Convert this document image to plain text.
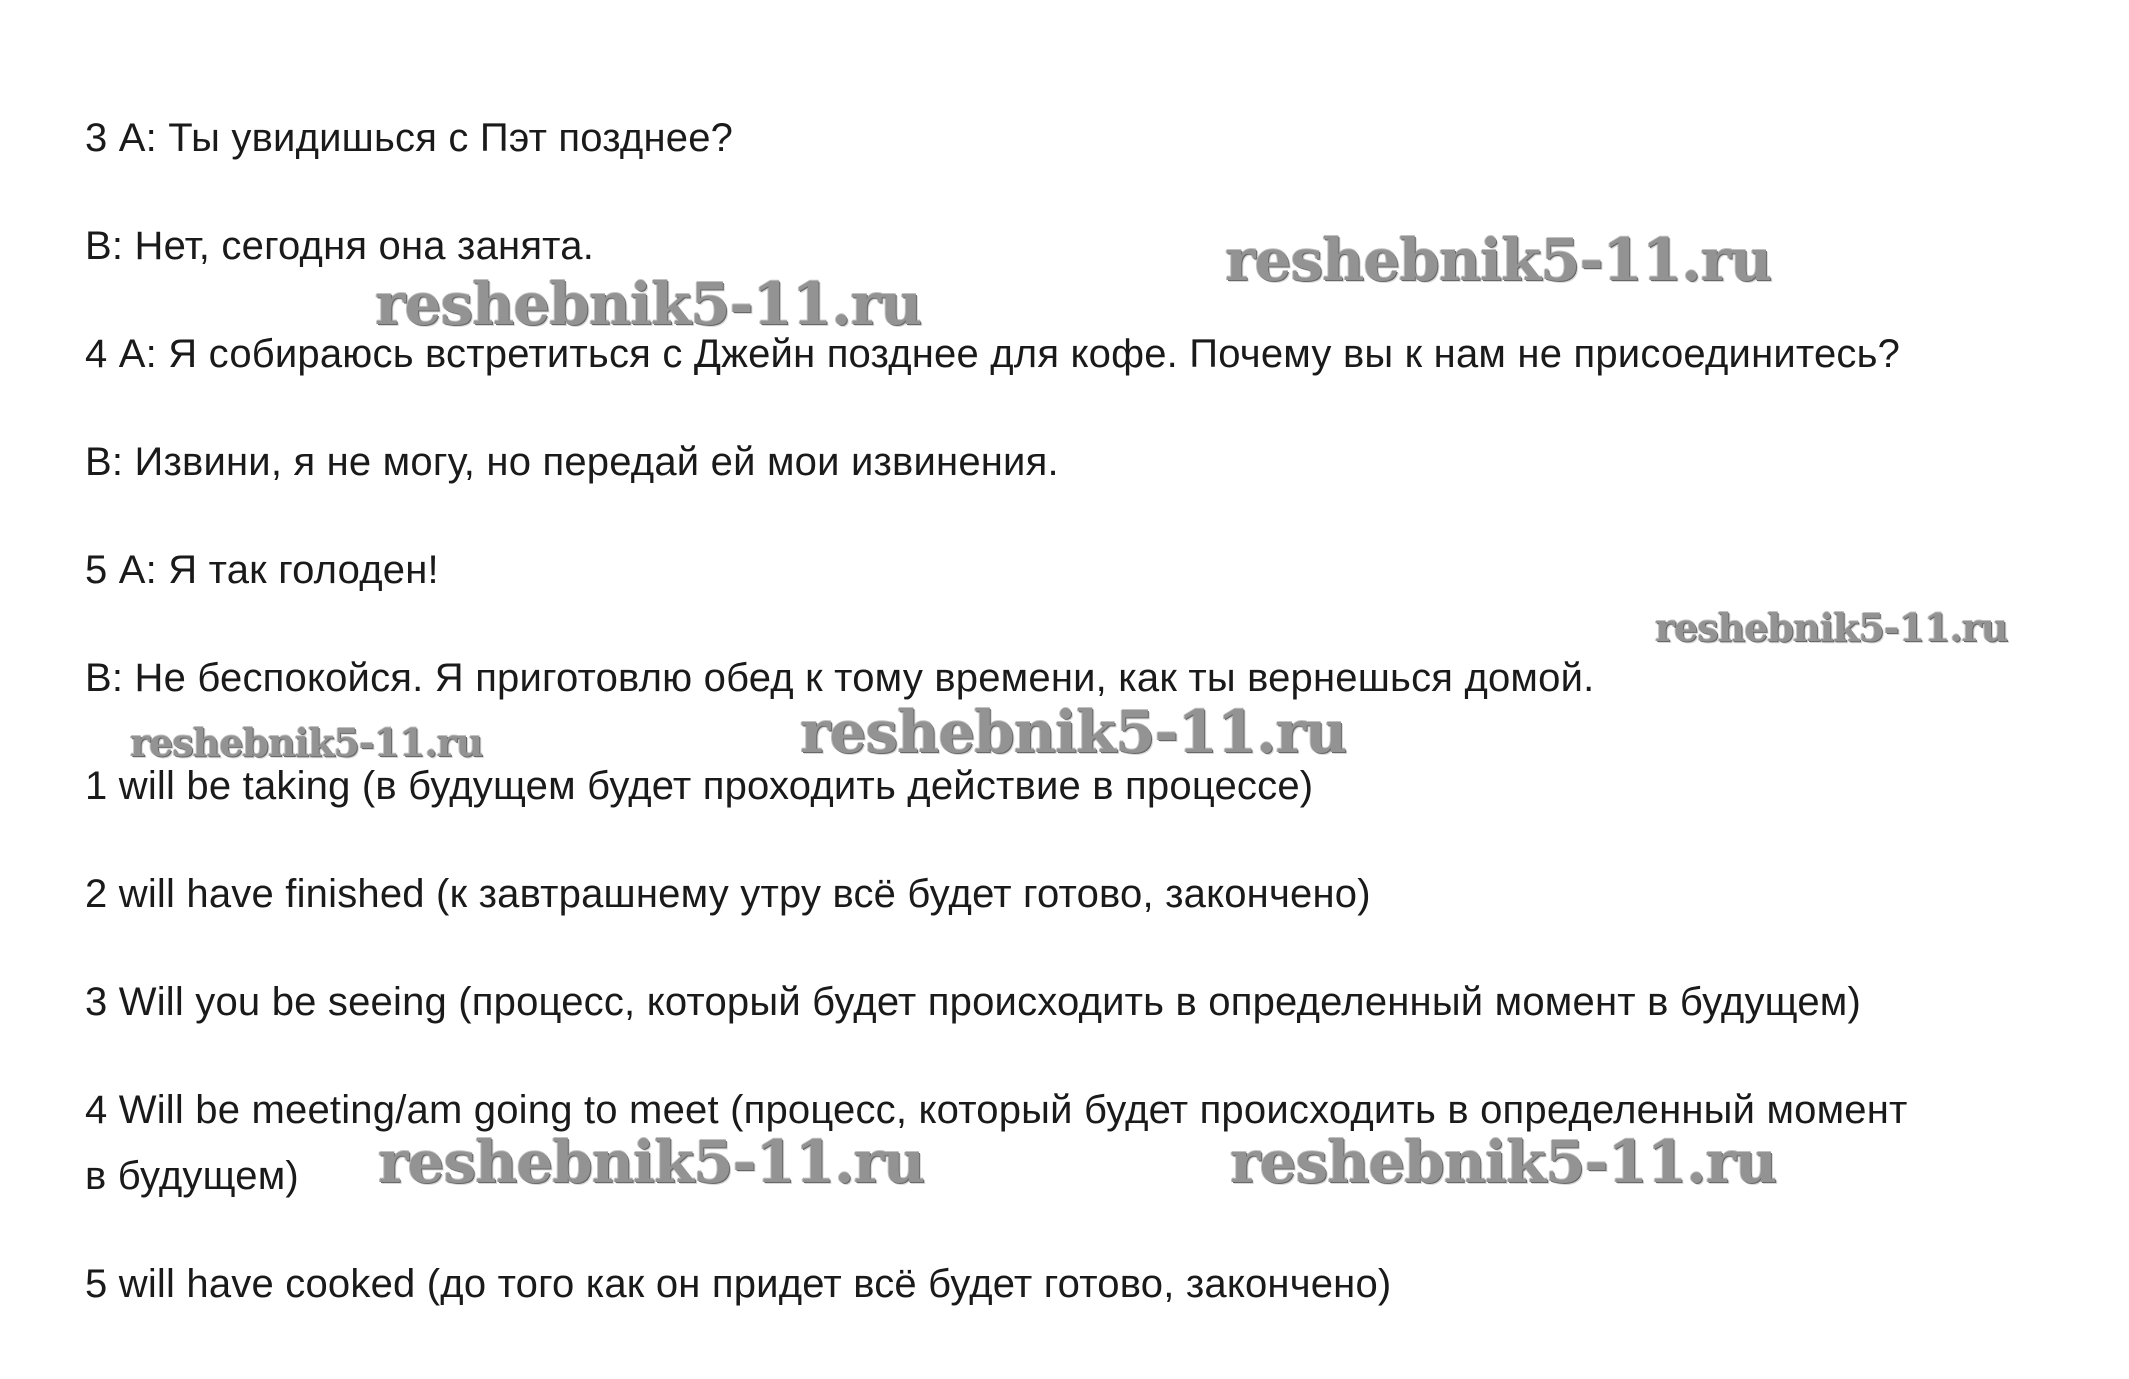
3 А: Ты увидишься с Пэт позднее?
В: Нет, сегодня она занята.
4 А: Я собираюсь встретиться с Джейн позднее для кофе. Почему вы к нам не присоединитесь?
В: Извини, я не могу, но передай ей мои извинения.
5 А: Я так голоден!
В: Не беспокойся. Я приготовлю обед к тому времени, как ты вернешься домой.
1 will be taking (в будущем будет проходить действие в процессе)
2 will have finished (к завтрашнему утру всё будет готово, закончено)
3 Will you be seeing (процесс, который будет происходить в определенный момент в будущем)
4 Will be meeting/am going to meet (процесс, который будет происходить в определенный момент
в будущем)
5 will have cooked (до того как он придет всё будет готово, закончено)
reshebnik5-11.ru
reshebnik5-11.ru
reshebnik5-11.ru
reshebnik5-11.ru	reshebnik5-11.ru
reshebnik5-11.ru	reshebnik5-11.ru
